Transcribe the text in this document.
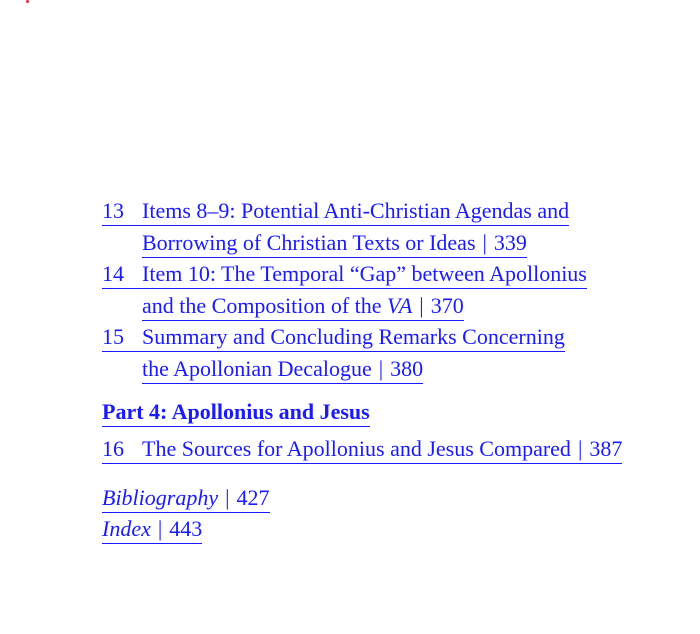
13 Items 8–9: Potential Anti-Christian Agendas and
Borrowing of Christian Texts or Ideas | 339
14 Item 10: The Temporal “Gap” between Apollonius
and the Composition of the VA | 370
15 Summary and Concluding Remarks Concerning
the Apollonian Decalogue | 380
Part 4: Apollonius and Jesus
16 The Sources for Apollonius and Jesus Compared | 387
Bibliography | 427
Index | 443
